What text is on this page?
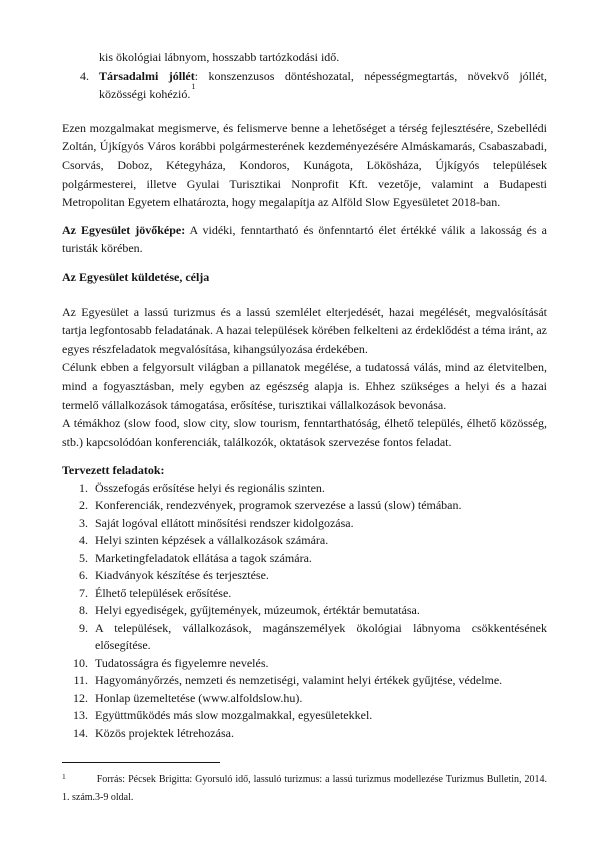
kis ökológiai lábnyom, hosszabb tartózkodási idő.
4. Társadalmi jóllét: konszenzusos döntéshozatal, népességmegtartás, növekvő jóllét, közösségi kohézió.$^1$

Ezen mozgalmakat megismerve, és felismerve benne a lehetőséget a térség fejlesztésére, Szebellédi Zoltán, Újkígyós Város korábbi polgármesterének kezdeményezésére Almáskamarás, Csabaszabadi, Csorvás, Doboz, Kétegyháza, Kondoros, Kunágota, Lökösháza, Újkígyós települések polgármesterei, illetve Gyulai Turisztikai Nonprofit Kft. vezetője, valamint a Budapesti Metropolitan Egyetem elhatározta, hogy megalapítja az Alföld Slow Egyesületet 2018-ban.

Az Egyesület jövőképe: A vidéki, fenntartható és önfenntartó élet értékké válik a lakosság és a turisták körében.

Az Egyesület küldetése, célja

Az Egyesület a lassú turizmus és a lassú szemlélet elterjedését, hazai megélését, megvalósítását tartja legfontosabb feladatának. A hazai települések körében felkelteni az érdeklődést a téma iránt, az egyes részfeladatok megvalósítása, kihangsúlyozása érdekében.

Célunk ebben a felgyorsult világban a pillanatok megélése, a tudatossá válás, mind az életvitelben, mind a fogyasztásban, mely egyben az egészség alapja is. Ehhez szükséges a helyi és a hazai termelő vállalkozások támogatása, erősítése, turisztikai vállalkozások bevonása.

A témákhoz (slow food, slow city, slow tourism, fenntarthatóság, élhető település, élhető közösség, stb.) kapcsolódóan konferenciák, találkozók, oktatások szervezése fontos feladat.

Tervezett feladatok:

1. Összefogás erősítése helyi és regionális szinten.
2. Konferenciák, rendezvények, programok szervezése a lassú (slow) témában.
3. Saját logóval ellátott minősítési rendszer kidolgozása.
4. Helyi szinten képzések a vállalkozások számára.
5. Marketingfeladatok ellátása a tagok számára.
6. Kiadványok készítése és terjesztése.
7. Élhető települések erősítése.
8. Helyi egyediségek, gyűjtemények, múzeumok, értéktár bemutatása.
9. A települések, vállalkozások, magánszemélyek ökológiai lábnyoma csökkentésének elősegítése.
10. Tudatosságra és figyelemre nevelés.
11. Hagyományőrzés, nemzeti és nemzetiségi, valamint helyi értékek gyűjtése, védelme.
12. Honlap üzemeltetése (www.alfoldslow.hu).
13. Együttműködés más slow mozgalmakkal, egyesületekkel.
14. Közös projektek létrehozása.
$^1$	Forrás: Pécsek Brigitta: Gyorsuló idő, lassuló turizmus: a lassú turizmus modellezése Turizmus Bulletin, 2014. 1. szám.3-9 oldal.
